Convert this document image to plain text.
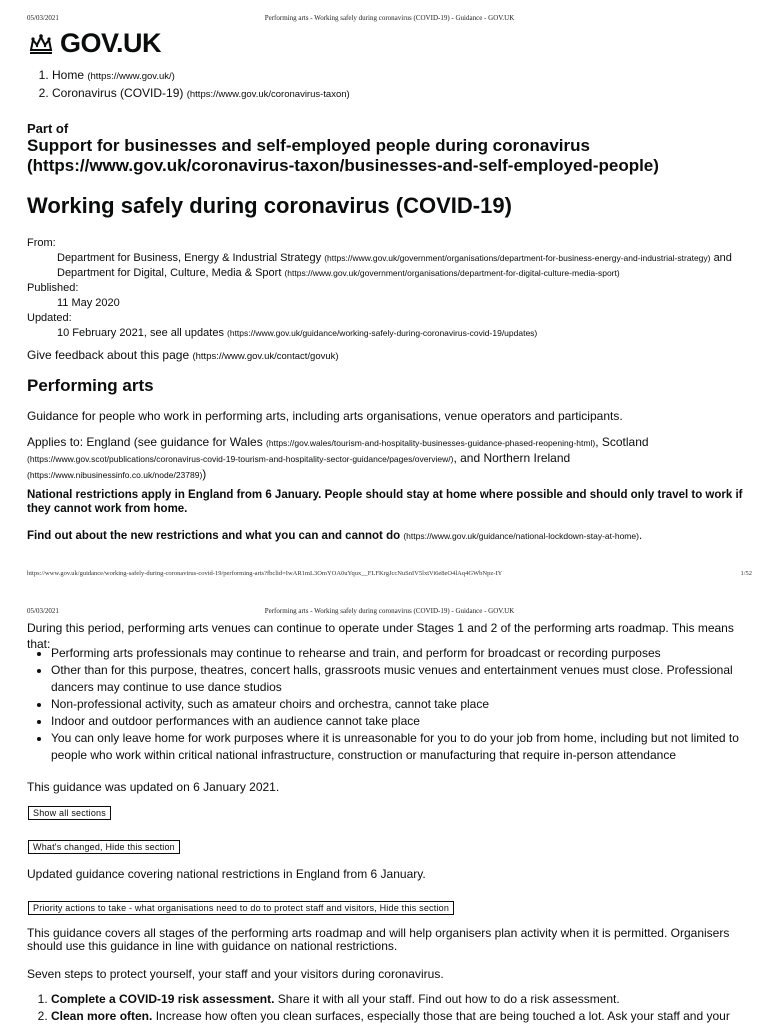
05/03/2021	Performing arts - Working safely during coronavirus (COVID-19) - Guidance - GOV.UK
GOV.UK
1. Home (https://www.gov.uk/)
2. Coronavirus (COVID-19) (https://www.gov.uk/coronavirus-taxon)
Part of
Support for businesses and self-employed people during coronavirus
(https://www.gov.uk/coronavirus-taxon/businesses-and-self-employed-people)
Working safely during coronavirus (COVID-19)
From:
Department for Business, Energy & Industrial Strategy (https://www.gov.uk/government/organisations/department-for-business-energy-and-industrial-strategy) and Department for Digital, Culture, Media & Sport (https://www.gov.uk/government/organisations/department-for-digital-culture-media-sport)
Published:
11 May 2020
Updated:
10 February 2021, see all updates (https://www.gov.uk/guidance/working-safely-during-coronavirus-covid-19/updates)
Give feedback about this page (https://www.gov.uk/contact/govuk)
Performing arts
Guidance for people who work in performing arts, including arts organisations, venue operators and participants.
Applies to: England (see guidance for Wales (https://gov.wales/tourism-and-hospitality-businesses-guidance-phased-reopening-html), Scotland (https://www.gov.scot/publications/coronavirus-covid-19-tourism-and-hospitality-sector-guidance/pages/overview/), and Northern Ireland (https://www.nibusinessinfo.co.uk/node/23789))
National restrictions apply in England from 6 January. People should stay at home where possible and should only travel to work if they cannot work from home.
Find out about the new restrictions and what you can and cannot do (https://www.gov.uk/guidance/national-lockdown-stay-at-home).
https://www.gov.uk/guidance/working-safely-during-coronavirus-covid-19/performing-arts?fbclid=IwAR1mL3OmYOA0uYqux__FLFKrgJccNuSnIV5lxtVi6e8eO4lAq4GWbNpz-IY	1/52
05/03/2021	Performing arts - Working safely during coronavirus (COVID-19) - Guidance - GOV.UK
During this period, performing arts venues can continue to operate under Stages 1 and 2 of the performing arts roadmap. This means that:
• Performing arts professionals may continue to rehearse and train, and perform for broadcast or recording purposes
• Other than for this purpose, theatres, concert halls, grassroots music venues and entertainment venues must close. Professional dancers may continue to use dance studios
• Non-professional activity, such as amateur choirs and orchestra, cannot take place
• Indoor and outdoor performances with an audience cannot take place
• You can only leave home for work purposes where it is unreasonable for you to do your job from home, including but not limited to people who work within critical national infrastructure, construction or manufacturing that require in-person attendance
This guidance was updated on 6 January 2021.
Show all sections
What's changed, Hide this section
Updated guidance covering national restrictions in England from 6 January.
Priority actions to take - what organisations need to do to protect staff and visitors, Hide this section
This guidance covers all stages of the performing arts roadmap and will help organisers plan activity when it is permitted. Organisers should use this guidance in line with guidance on national restrictions.
Seven steps to protect yourself, your staff and your visitors during coronavirus.
1. Complete a COVID-19 risk assessment. Share it with all your staff. Find out how to do a risk assessment.
2. Clean more often. Increase how often you clean surfaces, especially those that are being touched a lot. Ask your staff and your
